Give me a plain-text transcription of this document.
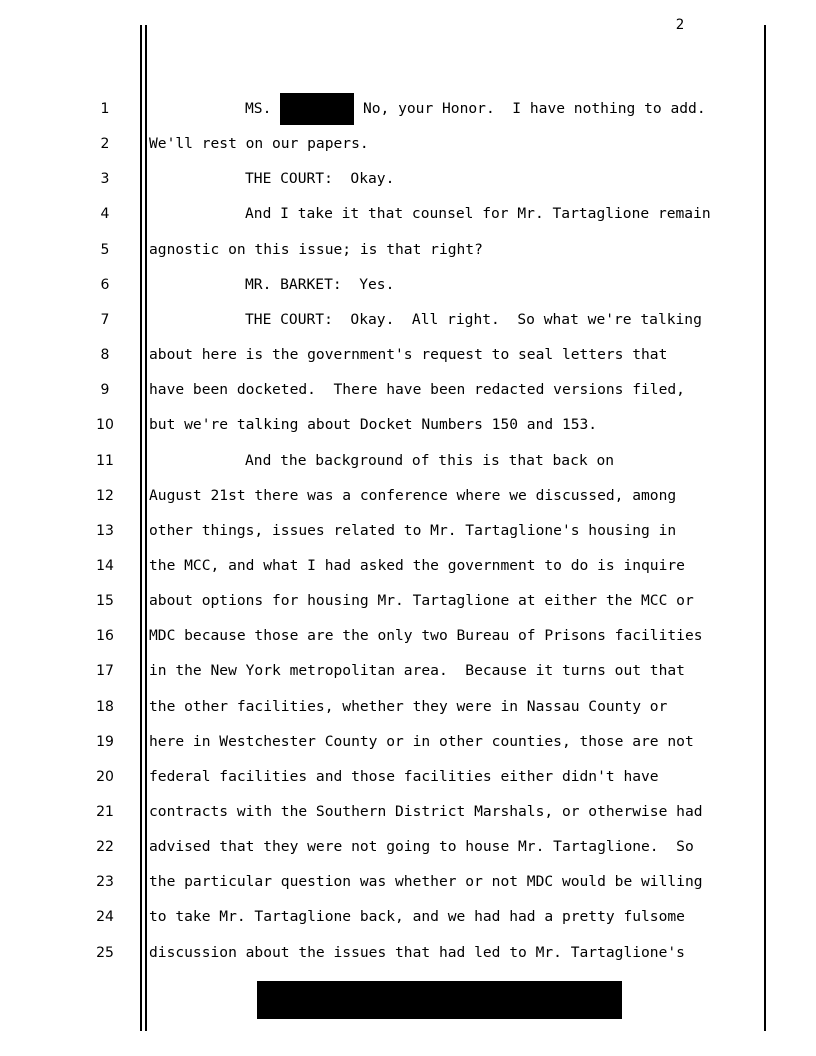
2
1	MS.	No, your Honor.  I have nothing to add.
2	We'll rest on our papers.
3	THE COURT:  Okay.
4	And I take it that counsel for Mr. Tartaglione remain
5	agnostic on this issue; is that right?
6	MR. BARKET:  Yes.
7	THE COURT:  Okay.  All right.  So what we're talking
8	about here is the government's request to seal letters that
9	have been docketed.  There have been redacted versions filed,
10	but we're talking about Docket Numbers 150 and 153.
11	And the background of this is that back on
12	August 21st there was a conference where we discussed, among
13	other things, issues related to Mr. Tartaglione's housing in
14	the MCC, and what I had asked the government to do is inquire
15	about options for housing Mr. Tartaglione at either the MCC or
16	MDC because those are the only two Bureau of Prisons facilities
17	in the New York metropolitan area.  Because it turns out that
18	the other facilities, whether they were in Nassau County or
19	here in Westchester County or in other counties, those are not
20	federal facilities and those facilities either didn't have
21	contracts with the Southern District Marshals, or otherwise had
22	advised that they were not going to house Mr. Tartaglione.  So
23	the particular question was whether or not MDC would be willing
24	to take Mr. Tartaglione back, and we had had a pretty fulsome
25	discussion about the issues that had led to Mr. Tartaglione's
